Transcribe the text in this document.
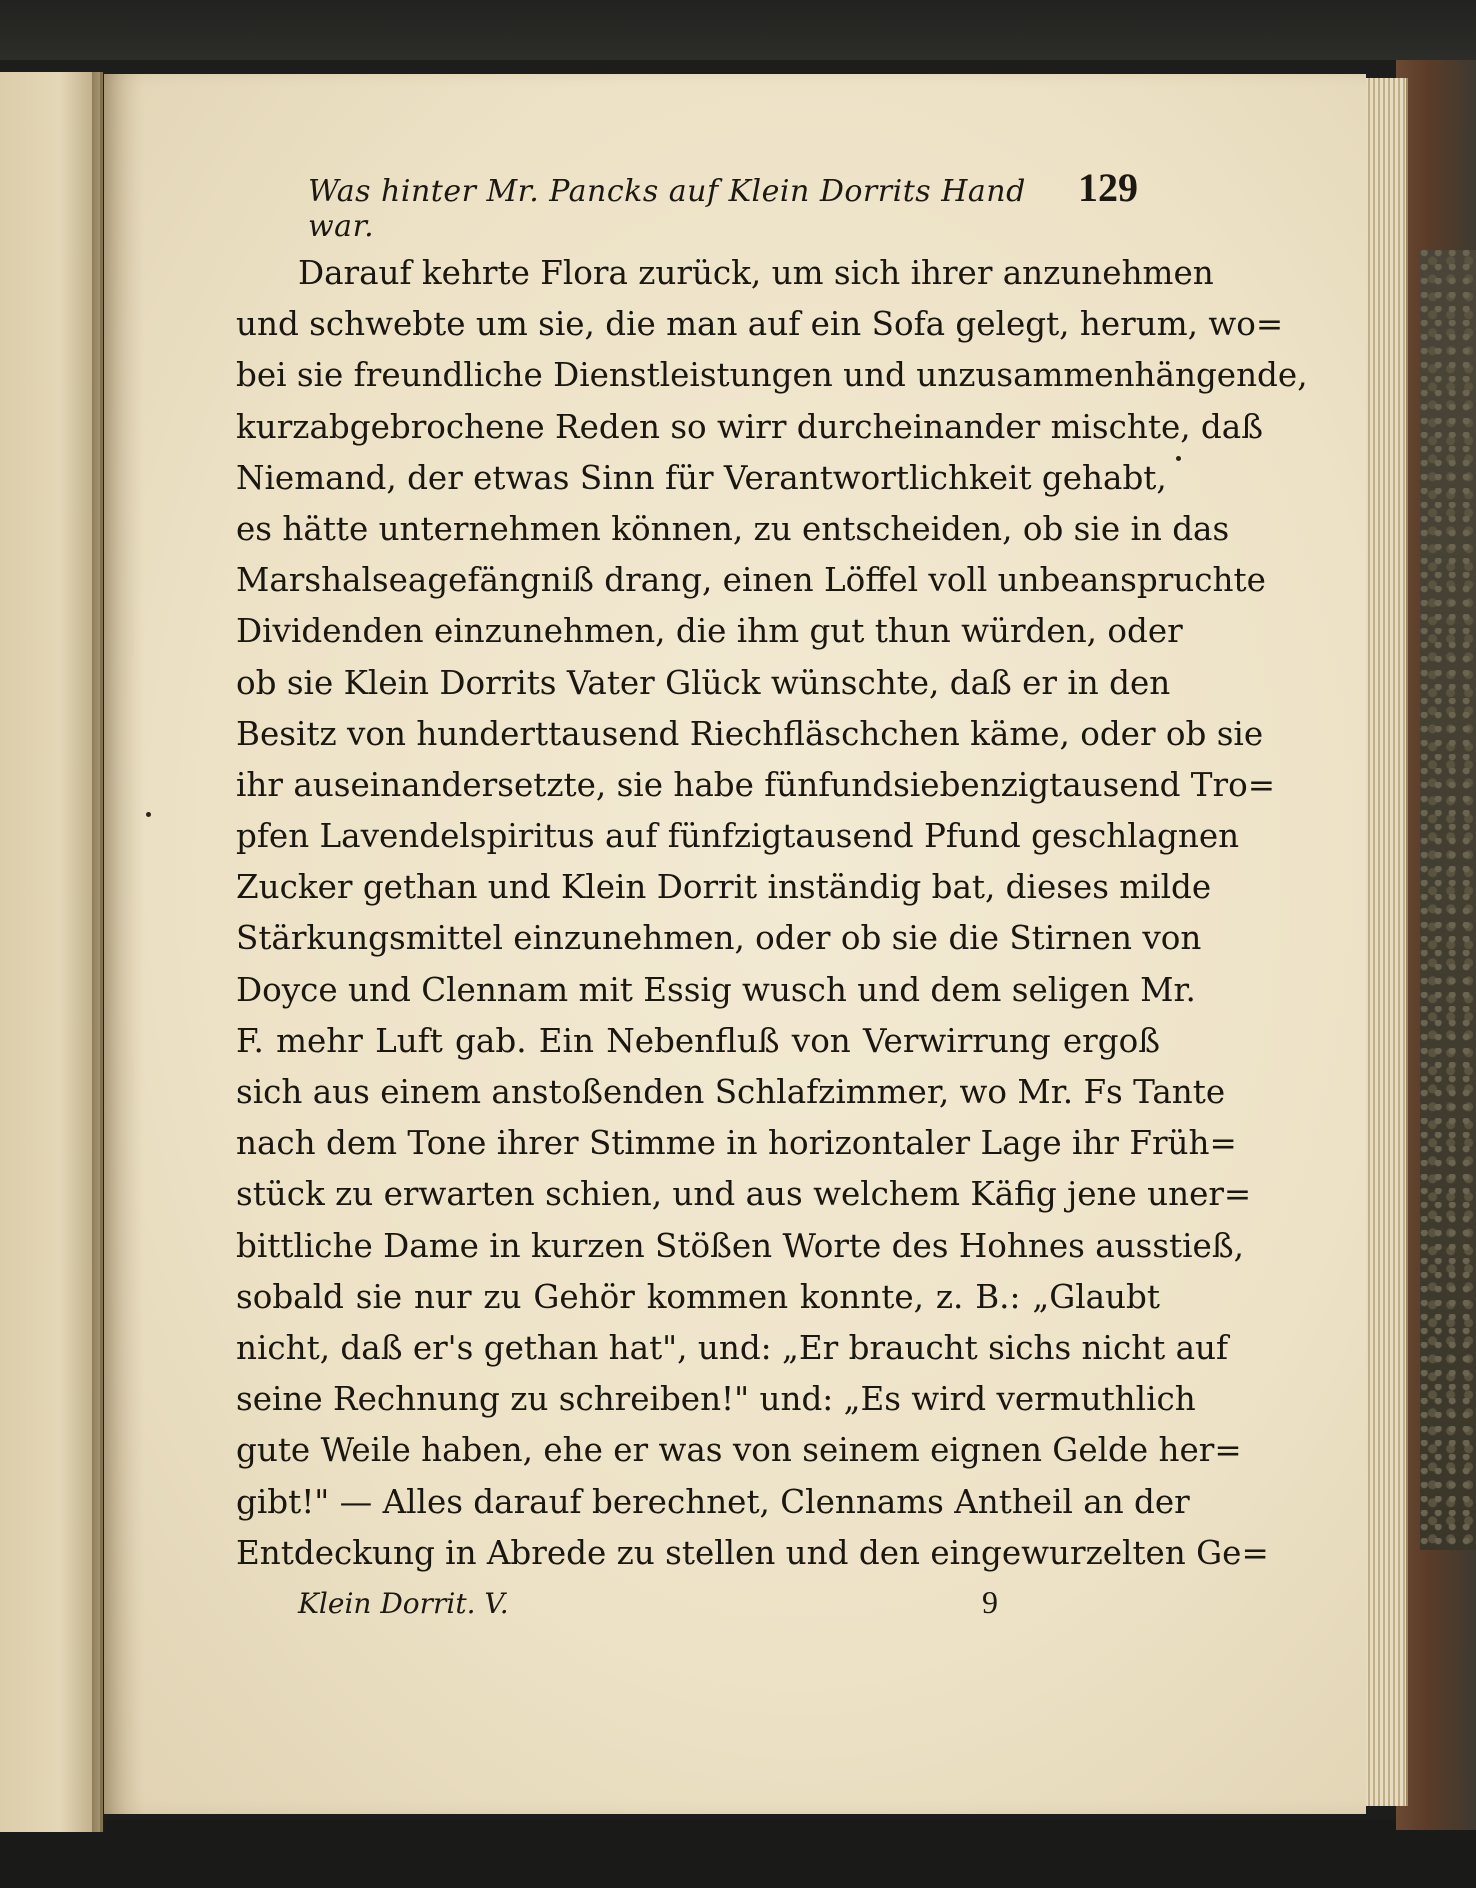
Was hinter Mr. Pancks auf Klein Dorrits Hand war.
129
Darauf kehrte Flora zurück, um sich ihrer anzunehmen
und schwebte um sie, die man auf ein Sofa gelegt, herum, wo=
bei sie freundliche Dienstleistungen und unzusammenhängende,
kurzabgebrochene Reden so wirr durcheinander mischte, daß
Niemand, der etwas Sinn für Verantwortlichkeit gehabt,
es hätte unternehmen können, zu entscheiden, ob sie in das
Marshalseagefängniß drang, einen Löffel voll unbeanspruchte
Dividenden einzunehmen, die ihm gut thun würden, oder
ob sie Klein Dorrits Vater Glück wünschte, daß er in den
Besitz von hunderttausend Riechfläschchen käme, oder ob sie
ihr auseinandersetzte, sie habe fünfundsiebenzigtausend Tro=
pfen Lavendelspiritus auf fünfzigtausend Pfund geschlagnen
Zucker gethan und Klein Dorrit inständig bat, dieses milde
Stärkungsmittel einzunehmen, oder ob sie die Stirnen von
Doyce und Clennam mit Essig wusch und dem seligen Mr.
F. mehr Luft gab. Ein Nebenfluß von Verwirrung ergoß
sich aus einem anstoßenden Schlafzimmer, wo Mr. Fs Tante
nach dem Tone ihrer Stimme in horizontaler Lage ihr Früh=
stück zu erwarten schien, und aus welchem Käfig jene uner=
bittliche Dame in kurzen Stößen Worte des Hohnes ausstieß,
sobald sie nur zu Gehör kommen konnte, z. B.: „Glaubt
nicht, daß er's gethan hat", und: „Er braucht sichs nicht auf
seine Rechnung zu schreiben!" und: „Es wird vermuthlich
gute Weile haben, ehe er was von seinem eignen Gelde her=
gibt!" — Alles darauf berechnet, Clennams Antheil an der
Entdeckung in Abrede zu stellen und den eingewurzelten Ge=
Klein Dorrit. V.	9
